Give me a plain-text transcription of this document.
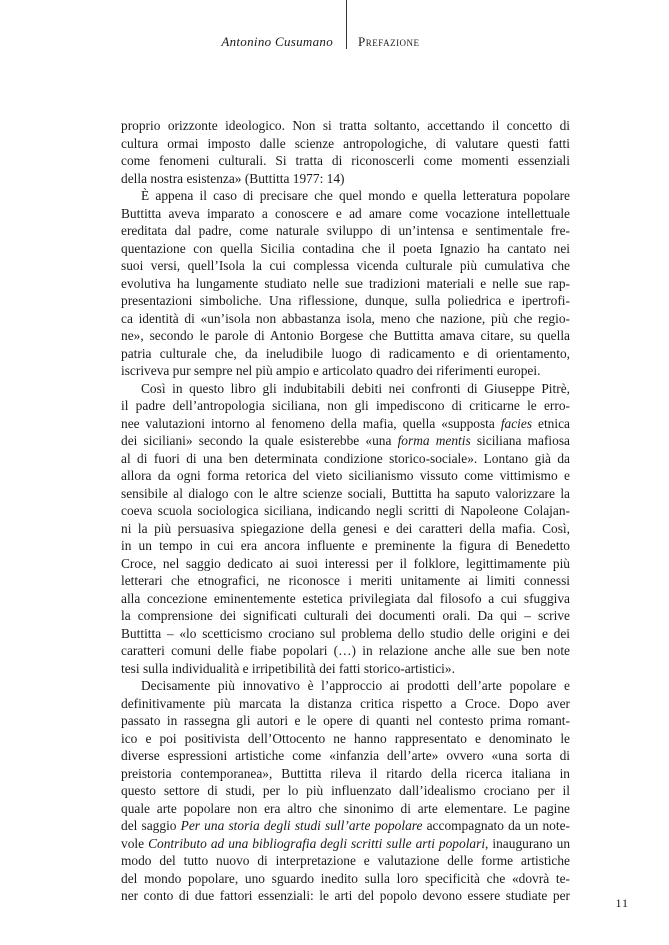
Antonino Cusumano Prefazione
proprio orizzonte ideologico. Non si tratta soltanto, accettando il concetto di
cultura ormai imposto dalle scienze antropologiche, di valutare questi fatti
come fenomeni culturali. Si tratta di riconoscerli come momenti essenziali
della nostra esistenza» (Buttitta 1977: 14)
È appena il caso di precisare che quel mondo e quella letteratura popolare
Buttitta aveva imparato a conoscere e ad amare come vocazione intellettuale
ereditata dal padre, come naturale sviluppo di un’intensa e sentimentale fre-
quentazione con quella Sicilia contadina che il poeta Ignazio ha cantato nei
suoi versi, quell’Isola la cui complessa vicenda culturale più cumulativa che
evolutiva ha lungamente studiato nelle sue tradizioni materiali e nelle sue rap-
presentazioni simboliche. Una riflessione, dunque, sulla poliedrica e ipertrofi-
ca identità di «un’isola non abbastanza isola, meno che nazione, più che regio-
ne», secondo le parole di Antonio Borgese che Buttitta amava citare, su quella
patria culturale che, da ineludibile luogo di radicamento e di orientamento,
iscriveva pur sempre nel più ampio e articolato quadro dei riferimenti europei.
Così in questo libro gli indubitabili debiti nei confronti di Giuseppe Pitrè,
il padre dell’antropologia siciliana, non gli impediscono di criticarne le erro-
nee valutazioni intorno al fenomeno della mafia, quella «supposta facies etnica
dei siciliani» secondo la quale esisterebbe «una forma mentis siciliana mafiosa
al di fuori di una ben determinata condizione storico-sociale». Lontano già da
allora da ogni forma retorica del vieto sicilianismo vissuto come vittimismo e
sensibile al dialogo con le altre scienze sociali, Buttitta ha saputo valorizzare la
coeva scuola sociologica siciliana, indicando negli scritti di Napoleone Colajan-
ni la più persuasiva spiegazione della genesi e dei caratteri della mafia. Così,
in un tempo in cui era ancora influente e preminente la figura di Benedetto
Croce, nel saggio dedicato ai suoi interessi per il folklore, legittimamente più
letterari che etnografici, ne riconosce i meriti unitamente ai limiti connessi
alla concezione eminentemente estetica privilegiata dal filosofo a cui sfuggiva
la comprensione dei significati culturali dei documenti orali. Da qui – scrive
Buttitta – «lo scetticismo crociano sul problema dello studio delle origini e dei
caratteri comuni delle fiabe popolari (…) in relazione anche alle sue ben note
tesi sulla individualità e irripetibilità dei fatti storico-artistici».
Decisamente più innovativo è l’approccio ai prodotti dell’arte popolare e
definitivamente più marcata la distanza critica rispetto a Croce. Dopo aver
passato in rassegna gli autori e le opere di quanti nel contesto prima romant-
ico e poi positivista dell’Ottocento ne hanno rappresentato e denominato le
diverse espressioni artistiche come «infanzia dell’arte» ovvero «una sorta di
preistoria contemporanea», Buttitta rileva il ritardo della ricerca italiana in
questo settore di studi, per lo più influenzato dall’idealismo crociano per il
quale arte popolare non era altro che sinonimo di arte elementare. Le pagine
del saggio Per una storia degli studi sull’arte popolare accompagnato da un note-
vole Contributo ad una bibliografia degli scritti sulle arti popolari, inaugurano un
modo del tutto nuovo di interpretazione e valutazione delle forme artistiche
del mondo popolare, uno sguardo inedito sulla loro specificità che «dovrà te-
ner conto di due fattori essenziali: le arti del popolo devono essere studiate per	11
